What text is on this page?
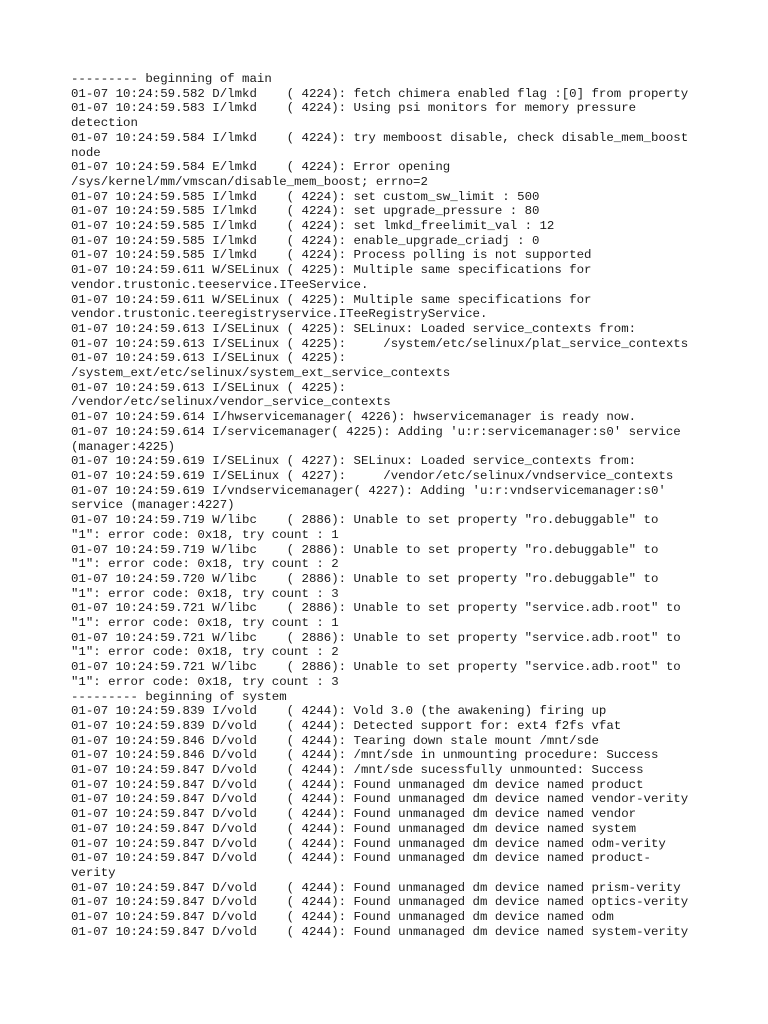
--------- beginning of main
01-07 10:24:59.582 D/lmkd    ( 4224): fetch chimera enabled flag :[0] from property
01-07 10:24:59.583 I/lmkd    ( 4224): Using psi monitors for memory pressure
detection
01-07 10:24:59.584 I/lmkd    ( 4224): try memboost disable, check disable_mem_boost
node
01-07 10:24:59.584 E/lmkd    ( 4224): Error opening
/sys/kernel/mm/vmscan/disable_mem_boost; errno=2
01-07 10:24:59.585 I/lmkd    ( 4224): set custom_sw_limit : 500
01-07 10:24:59.585 I/lmkd    ( 4224): set upgrade_pressure : 80
01-07 10:24:59.585 I/lmkd    ( 4224): set lmkd_freelimit_val : 12
01-07 10:24:59.585 I/lmkd    ( 4224): enable_upgrade_criadj : 0
01-07 10:24:59.585 I/lmkd    ( 4224): Process polling is not supported
01-07 10:24:59.611 W/SELinux ( 4225): Multiple same specifications for
vendor.trustonic.teeservice.ITeeService.
01-07 10:24:59.611 W/SELinux ( 4225): Multiple same specifications for
vendor.trustonic.teeregistryservice.ITeeRegistryService.
01-07 10:24:59.613 I/SELinux ( 4225): SELinux: Loaded service_contexts from:
01-07 10:24:59.613 I/SELinux ( 4225):     /system/etc/selinux/plat_service_contexts
01-07 10:24:59.613 I/SELinux ( 4225):
/system_ext/etc/selinux/system_ext_service_contexts
01-07 10:24:59.613 I/SELinux ( 4225):
/vendor/etc/selinux/vendor_service_contexts
01-07 10:24:59.614 I/hwservicemanager( 4226): hwservicemanager is ready now.
01-07 10:24:59.614 I/servicemanager( 4225): Adding 'u:r:servicemanager:s0' service
(manager:4225)
01-07 10:24:59.619 I/SELinux ( 4227): SELinux: Loaded service_contexts from:
01-07 10:24:59.619 I/SELinux ( 4227):     /vendor/etc/selinux/vndservice_contexts
01-07 10:24:59.619 I/vndservicemanager( 4227): Adding 'u:r:vndservicemanager:s0'
service (manager:4227)
01-07 10:24:59.719 W/libc    ( 2886): Unable to set property "ro.debuggable" to
"1": error code: 0x18, try count : 1
01-07 10:24:59.719 W/libc    ( 2886): Unable to set property "ro.debuggable" to
"1": error code: 0x18, try count : 2
01-07 10:24:59.720 W/libc    ( 2886): Unable to set property "ro.debuggable" to
"1": error code: 0x18, try count : 3
01-07 10:24:59.721 W/libc    ( 2886): Unable to set property "service.adb.root" to
"1": error code: 0x18, try count : 1
01-07 10:24:59.721 W/libc    ( 2886): Unable to set property "service.adb.root" to
"1": error code: 0x18, try count : 2
01-07 10:24:59.721 W/libc    ( 2886): Unable to set property "service.adb.root" to
"1": error code: 0x18, try count : 3
--------- beginning of system
01-07 10:24:59.839 I/vold    ( 4244): Vold 3.0 (the awakening) firing up
01-07 10:24:59.839 D/vold    ( 4244): Detected support for: ext4 f2fs vfat
01-07 10:24:59.846 D/vold    ( 4244): Tearing down stale mount /mnt/sde
01-07 10:24:59.846 D/vold    ( 4244): /mnt/sde in unmounting procedure: Success
01-07 10:24:59.847 D/vold    ( 4244): /mnt/sde sucessfully unmounted: Success
01-07 10:24:59.847 D/vold    ( 4244): Found unmanaged dm device named product
01-07 10:24:59.847 D/vold    ( 4244): Found unmanaged dm device named vendor-verity
01-07 10:24:59.847 D/vold    ( 4244): Found unmanaged dm device named vendor
01-07 10:24:59.847 D/vold    ( 4244): Found unmanaged dm device named system
01-07 10:24:59.847 D/vold    ( 4244): Found unmanaged dm device named odm-verity
01-07 10:24:59.847 D/vold    ( 4244): Found unmanaged dm device named product-
verity
01-07 10:24:59.847 D/vold    ( 4244): Found unmanaged dm device named prism-verity
01-07 10:24:59.847 D/vold    ( 4244): Found unmanaged dm device named optics-verity
01-07 10:24:59.847 D/vold    ( 4244): Found unmanaged dm device named odm
01-07 10:24:59.847 D/vold    ( 4244): Found unmanaged dm device named system-verity
